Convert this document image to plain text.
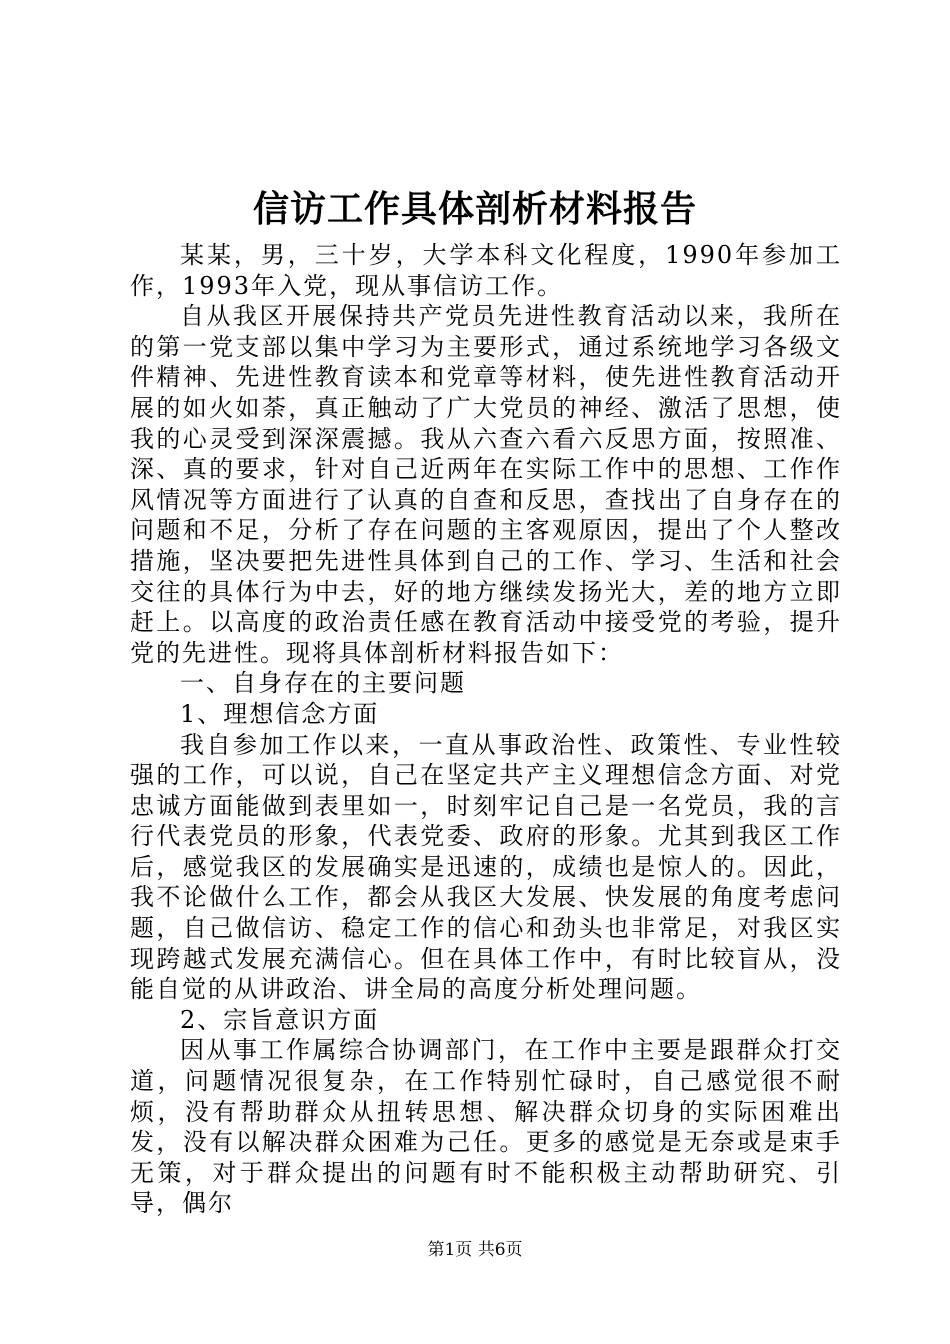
信访工作具体剖析材料报告

某某，男，三十岁，大学本科文化程度，1990年参加工作，1993年入党，现从事信访工作。

自从我区开展保持共产党员先进性教育活动以来，我所在的第一党支部以集中学习为主要形式，通过系统地学习各级文件精神、先进性教育读本和党章等材料，使先进性教育活动开展的如火如荼，真正触动了广大党员的神经、激活了思想，使我的心灵受到深深震撼。我从六查六看六反思方面，按照准、深、真的要求，针对自己近两年在实际工作中的思想、工作作风情况等方面进行了认真的自查和反思，查找出了自身存在的问题和不足，分析了存在问题的主客观原因，提出了个人整改措施，坚决要把先进性具体到自己的工作、学习、生活和社会交往的具体行为中去，好的地方继续发扬光大，差的地方立即赶上。以高度的政治责任感在教育活动中接受党的考验，提升党的先进性。现将具体剖析材料报告如下：

一、自身存在的主要问题

1、理想信念方面

我自参加工作以来，一直从事政治性、政策性、专业性较强的工作，可以说，自己在坚定共产主义理想信念方面、对党忠诚方面能做到表里如一，时刻牢记自己是一名党员，我的言行代表党员的形象，代表党委、政府的形象。尤其到我区工作后，感觉我区的发展确实是迅速的，成绩也是惊人的。因此，我不论做什么工作，都会从我区大发展、快发展的角度考虑问题，自己做信访、稳定工作的信心和劲头也非常足，对我区实现跨越式发展充满信心。但在具体工作中，有时比较盲从，没能自觉的从讲政治、讲全局的高度分析处理问题。

2、宗旨意识方面

因从事工作属综合协调部门，在工作中主要是跟群众打交道，问题情况很复杂，在工作特别忙碌时，自己感觉很不耐烦，没有帮助群众从扭转思想、解决群众切身的实际困难出发，没有以解决群众困难为己任。更多的感觉是无奈或是束手无策，对于群众提出的问题有时不能积极主动帮助研究、引导，偶尔

第1页 共6页
